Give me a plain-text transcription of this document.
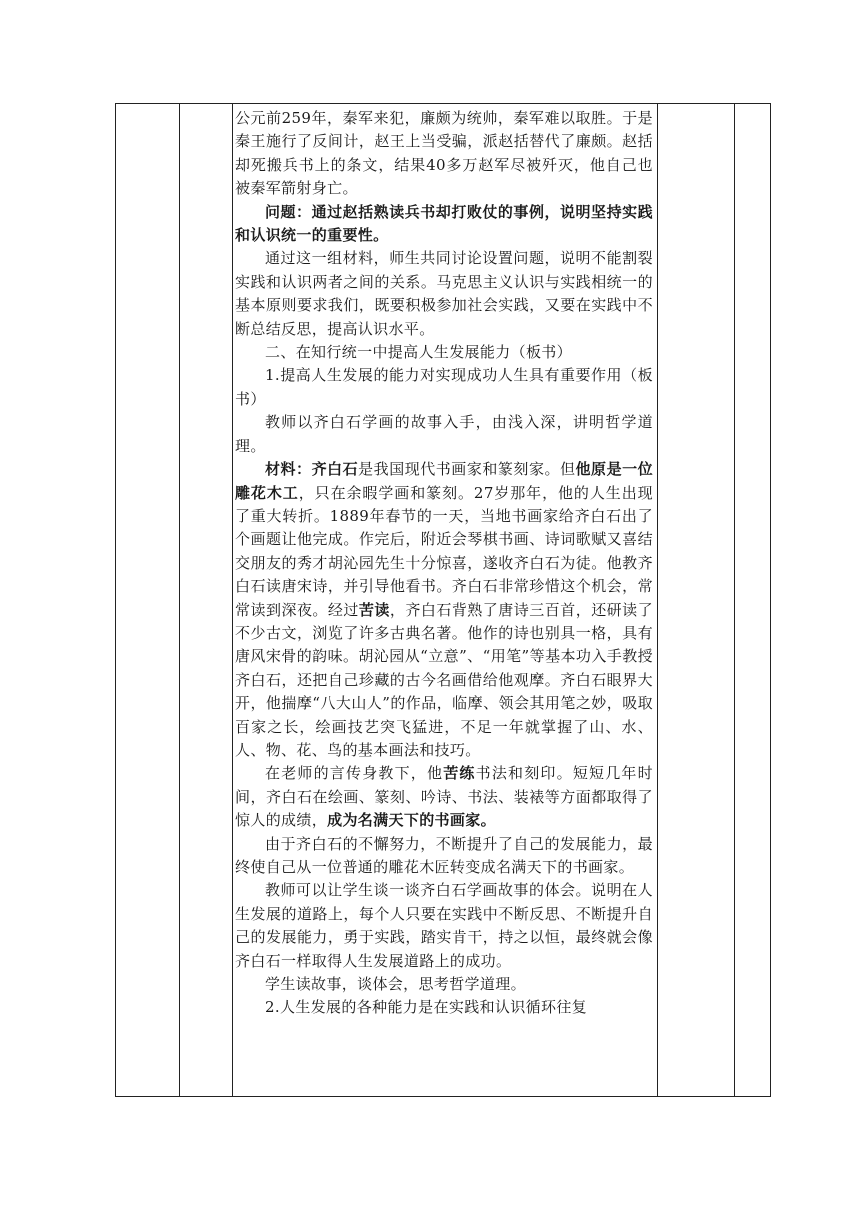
公元前259年，秦军来犯，廉颇为统帅，秦军难以取胜。于是秦王施行了反间计，赵王上当受骗，派赵括替代了廉颇。赵括却死搬兵书上的条文，结果40多万赵军尽被歼灭，他自己也被秦军箭射身亡。

问题：通过赵括熟读兵书却打败仗的事例，说明坚持实践和认识统一的重要性。

通过这一组材料，师生共同讨论设置问题，说明不能割裂实践和认识两者之间的关系。马克思主义认识与实践相统一的基本原则要求我们，既要积极参加社会实践，又要在实践中不断总结反思，提高认识水平。

二、在知行统一中提高人生发展能力（板书）

1.提高人生发展的能力对实现成功人生具有重要作用（板书）

教师以齐白石学画的故事入手，由浅入深，讲明哲学道理。

材料：齐白石是我国现代书画家和篆刻家。但他原是一位雕花木工，只在余暇学画和篆刻。27岁那年，他的人生出现了重大转折。1889年春节的一天，当地书画家给齐白石出了个画题让他完成。作完后，附近会琴棋书画、诗词歌赋又喜结交朋友的秀才胡沁园先生十分惊喜，遂收齐白石为徒。他教齐白石读唐宋诗，并引导他看书。齐白石非常珍惜这个机会，常常读到深夜。经过苦读，齐白石背熟了唐诗三百首，还研读了不少古文，浏览了许多古典名著。他作的诗也别具一格，具有唐风宋骨的韵味。胡沁园从“立意”、“用笔”等基本功入手教授齐白石，还把自己珍藏的古今名画借给他观摩。齐白石眼界大开，他揣摩“八大山人”的作品，临摩、领会其用笔之妙，吸取百家之长，绘画技艺突飞猛进，不足一年就掌握了山、水、人、物、花、鸟的基本画法和技巧。

在老师的言传身教下，他苦练书法和刻印。短短几年时间，齐白石在绘画、篆刻、吟诗、书法、装裱等方面都取得了惊人的成绩，成为名满天下的书画家。

由于齐白石的不懈努力，不断提升了自己的发展能力，最终使自己从一位普通的雕花木匠转变成名满天下的书画家。

教师可以让学生谈一谈齐白石学画故事的体会。说明在人生发展的道路上，每个人只要在实践中不断反思、不断提升自己的发展能力，勇于实践，踏实肯干，持之以恒，最终就会像齐白石一样取得人生发展道路上的成功。

学生读故事，谈体会，思考哲学道理。

2.人生发展的各种能力是在实践和认识循环往复
